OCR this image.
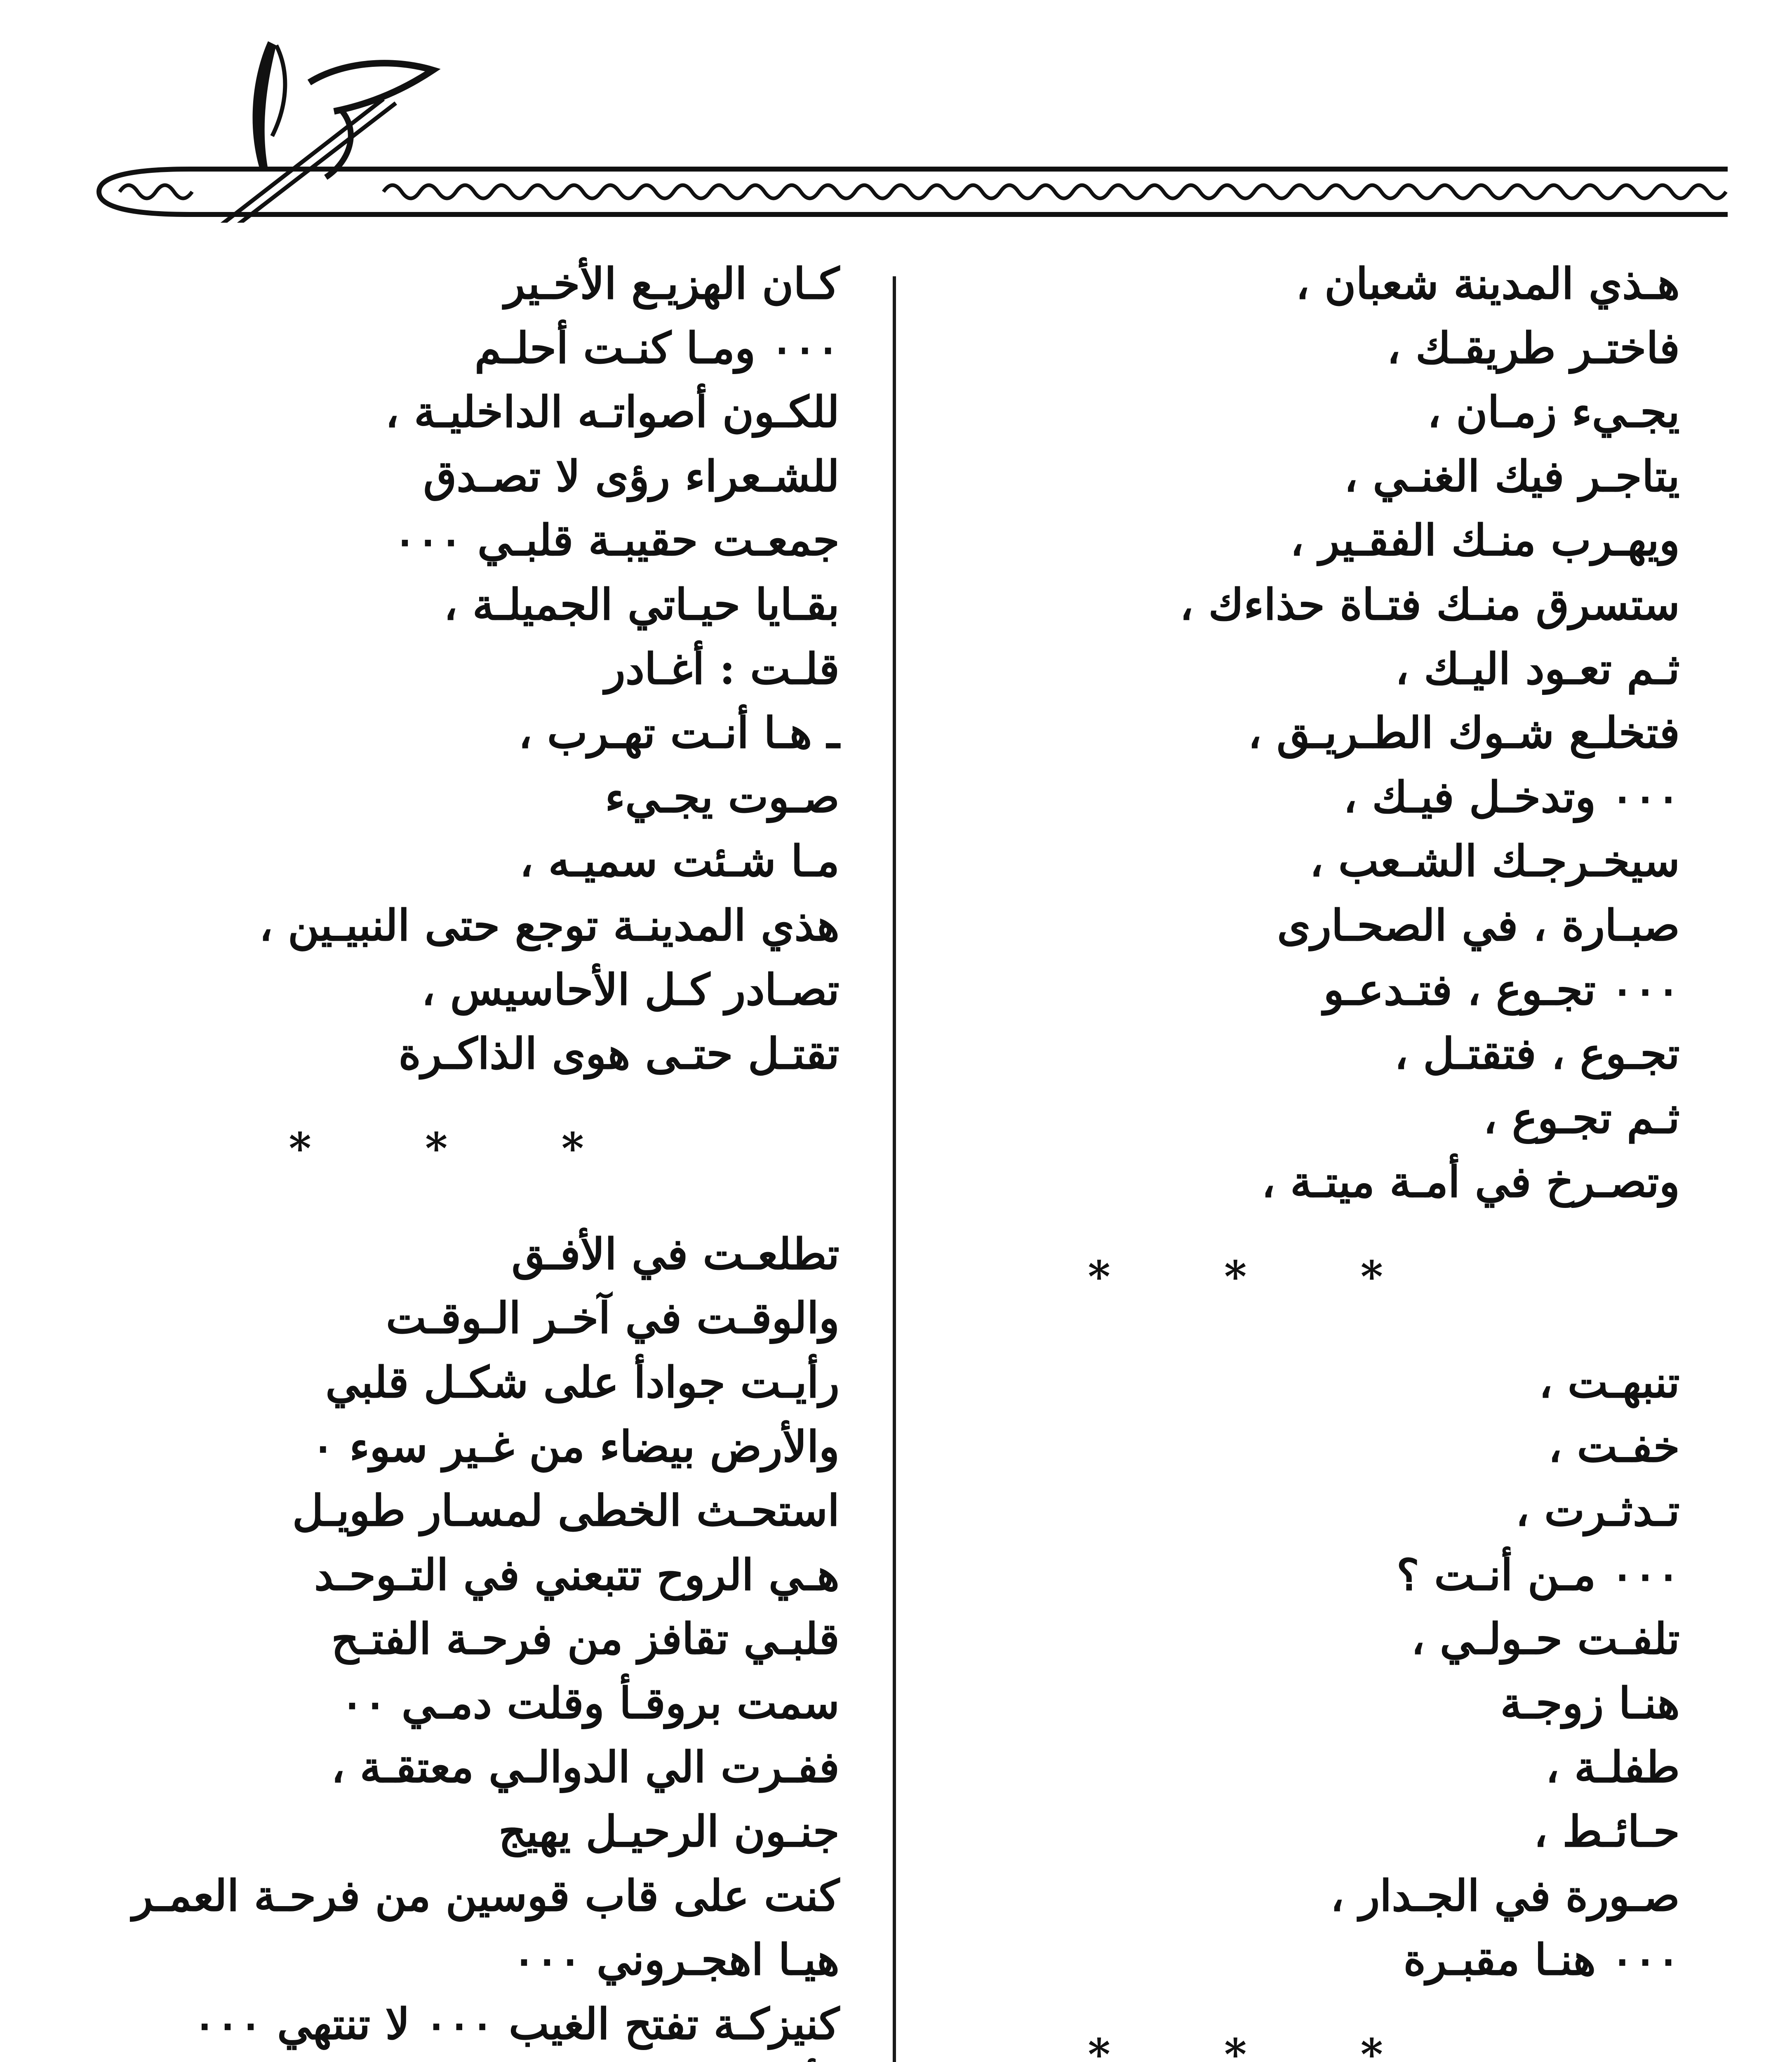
هـذي المدينة شعبان ،
فاختـر طريقـك ،
يجـيء زمـان ،
يتاجـر فيك الغنـي ،
ويهـرب منـك الفقـير ،
ستسرق منـك فتـاة حذاءك ،
ثـم تعـود اليـك ،
فتخلـع شـوك الطـريـق ،
٠٠٠ وتدخـل فيـك ،
سيخـرجـك الشـعب ،
صبـارة ، في الصحـارى
٠٠٠ تجـوع ، فتـدعـو
تجـوع ، فتقتـل ،
ثـم تجـوع ،
وتصـرخ في أمـة ميتـة ،
* * *
تنبهـت ،
خفـت ،
تـدثـرت ،
٠٠٠ مـن أنـت ؟
تلفـت حـولـي ،
هنـا زوجـة
طفلـة ،
حـائـط ،
صـورة في الجـدار ،
٠٠٠ هنـا مقبـرة
* * *
كـان الهزيـع الأخـير
٠٠٠ ومـا كنـت أحلـم
للكـون أصواتـه الداخليـة ،
للشـعراء رؤى لا تصـدق
جمعـت حقيبـة قلبـي ٠٠٠
بقـايا حيـاتي الجميلـة ،
قلـت : أغـادر
ـ هـا أنـت تهـرب ،
صـوت يجـيء
مـا شـئت سميـه ،
هذي المدينـة توجع حتى النبيـين ،
تصـادر كـل الأحاسيس ،
تقتـل حتـى هوى الذاكـرة
* * *
تطلعـت في الأفـق
والوقـت في آخـر الـوقـت
رأيـت جوادأ على شكـل قلبي
والأرض بيضاء من غـير سوء ٠
استحـث الخطى لمسـار طويـل
هـي الروح تتبعني في التـوحـد
قلبـي تقافز من فرحـة الفتـح
سمت بروقـأ وقلت دمـي ٠٠
ففـرت الي الدوالـي معتقـة ،
جنـون الرحيـل يهيج
كنت على قاب قوسين من فرحـة العمـر
هيـا اهجـروني ٠٠٠
كنيزكـة تفتح الغيب ٠٠٠ لا تنتهي ٠٠٠
